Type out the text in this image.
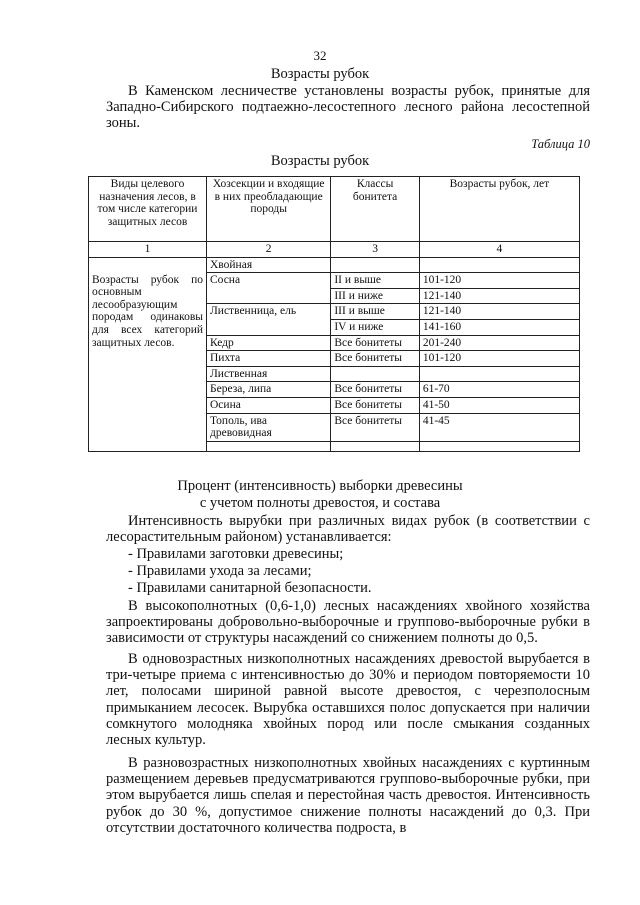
32
Возрасты рубок

В Каменском лесничестве установлены возрасты рубок, принятые для Западно-Сибирского подтаежно-лесостепного лесного района лесостепной зоны.

Таблица 10
Возрасты рубок
Виды целевого назначения лесов, в том числе категории защитных лесов	Хозсекции и входящие в них преобладающие породы	Классы бонитета	Возрасты рубок, лет
1	2	3	4
	Хвойная		
Возрасты рубок по основным лесообразующим породам одинаковы для всех категорий защитных лесов.	Сосна	II и выше	101-120
		III и ниже	121-140
	Лиственница, ель	III и выше	121-140
		IV и ниже	141-160
	Кедр	Все бонитеты	201-240
	Пихта	Все бонитеты	101-120
	Лиственная		
	Береза, липа	Все бонитеты	61-70
	Осина	Все бонитеты	41-50
	Тополь, ива древовидная	Все бонитеты	41-45

Процент (интенсивность) выборки древесины
с учетом полноты древостоя, и состава

Интенсивность вырубки при различных видах рубок (в соответствии с лесорастительным районом) устанавливается:

- Правилами заготовки древесины;

- Правилами ухода за лесами;

- Правилами санитарной безопасности.

В высокополнотных (0,6-1,0) лесных насаждениях хвойного хозяйства запроектированы добровольно-выборочные и группово-выборочные рубки в зависимости от структуры насаждений со снижением полноты до 0,5.

В одновозрастных низкополнотных насаждениях древостой вырубается в три-четыре приема с интенсивностью до 30% и периодом повторяемости 10 лет, полосами шириной равной высоте древостоя, с черезполосным примыканием лесосек. Вырубка оставшихся полос допускается при наличии сомкнутого молодняка хвойных пород или после смыкания созданных лесных культур.

В разновозрастных низкополнотных хвойных насаждениях с куртинным размещением деревьев предусматриваются группово-выборочные рубки, при этом вырубается лишь спелая и перестойная часть древостоя. Интенсивность рубок до 30 %, допустимое снижение полноты насаждений до 0,3. При отсутствии достаточного количества подроста, в
